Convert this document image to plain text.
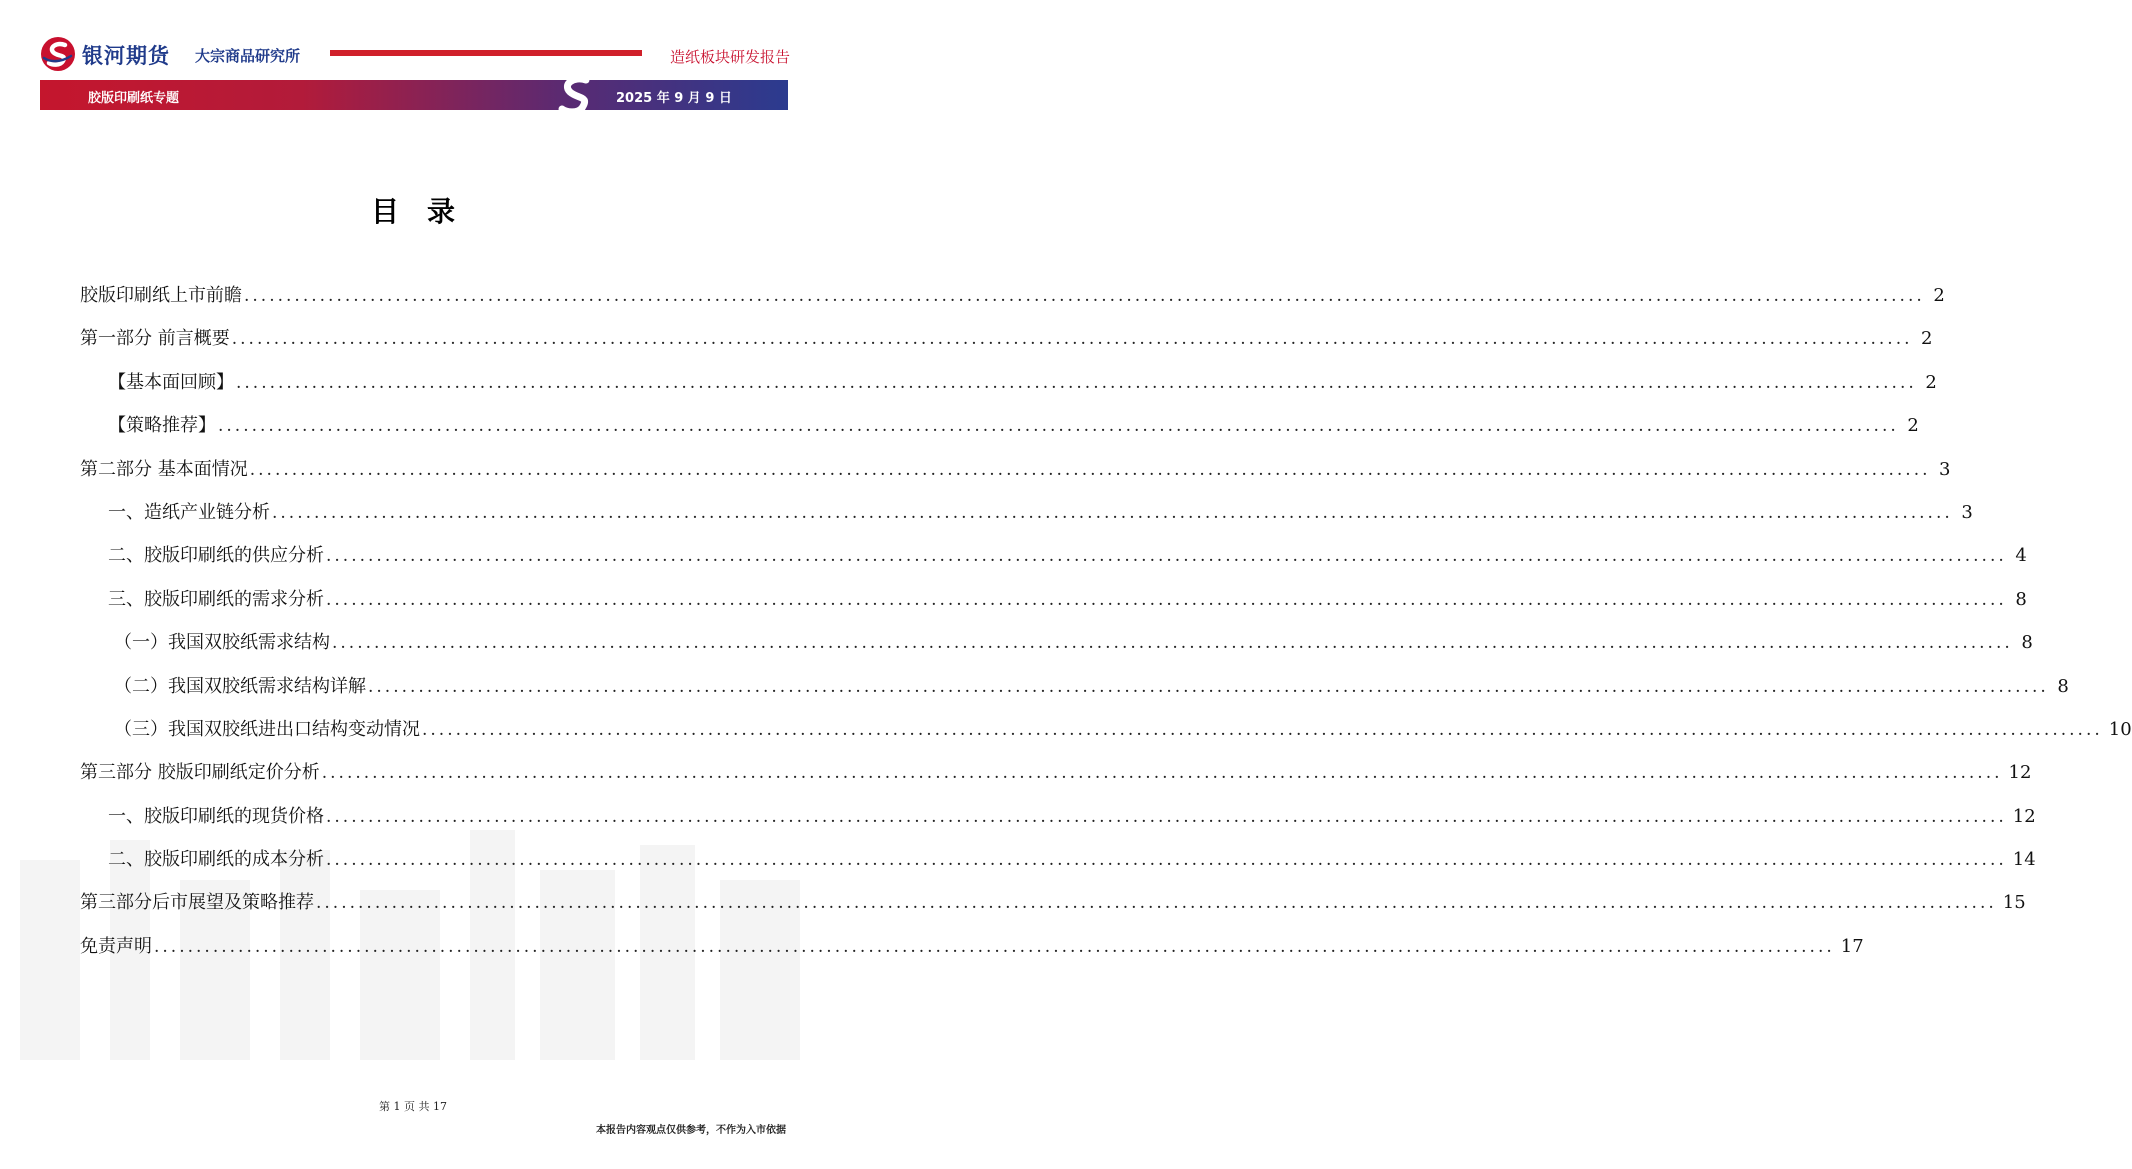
银河期货 大宗商品研究所	造纸板块研发报告
胶版印刷纸专题	2025 年 9 月 9 日
目录
胶版印刷纸上市前瞻 ........................................................................................................................................................................................................ 2
第一部分 前言概要 ........................................................................................................................................................................................................ 2
【基本面回顾】 ........................................................................................................................................................................................................ 2
【策略推荐】 ........................................................................................................................................................................................................ 2
第二部分 基本面情况 ........................................................................................................................................................................................................ 3
一、造纸产业链分析 ........................................................................................................................................................................................................ 3
二、胶版印刷纸的供应分析 ........................................................................................................................................................................................................ 4
三、胶版印刷纸的需求分析 ........................................................................................................................................................................................................ 8
（一）我国双胶纸需求结构 ........................................................................................................................................................................................................ 8
（二）我国双胶纸需求结构详解 ........................................................................................................................................................................................................ 8
（三）我国双胶纸进出口结构变动情况 ........................................................................................................................................................................................................ 10
第三部分 胶版印刷纸定价分析 ........................................................................................................................................................................................................ 12
一、胶版印刷纸的现货价格 ........................................................................................................................................................................................................ 12
二、胶版印刷纸的成本分析 ........................................................................................................................................................................................................ 14
第三部分后市展望及策略推荐 ........................................................................................................................................................................................................ 15
免责声明 ........................................................................................................................................................................................................ 17
第 1 页 共 17
本报告内容观点仅供参考，不作为入市依据
